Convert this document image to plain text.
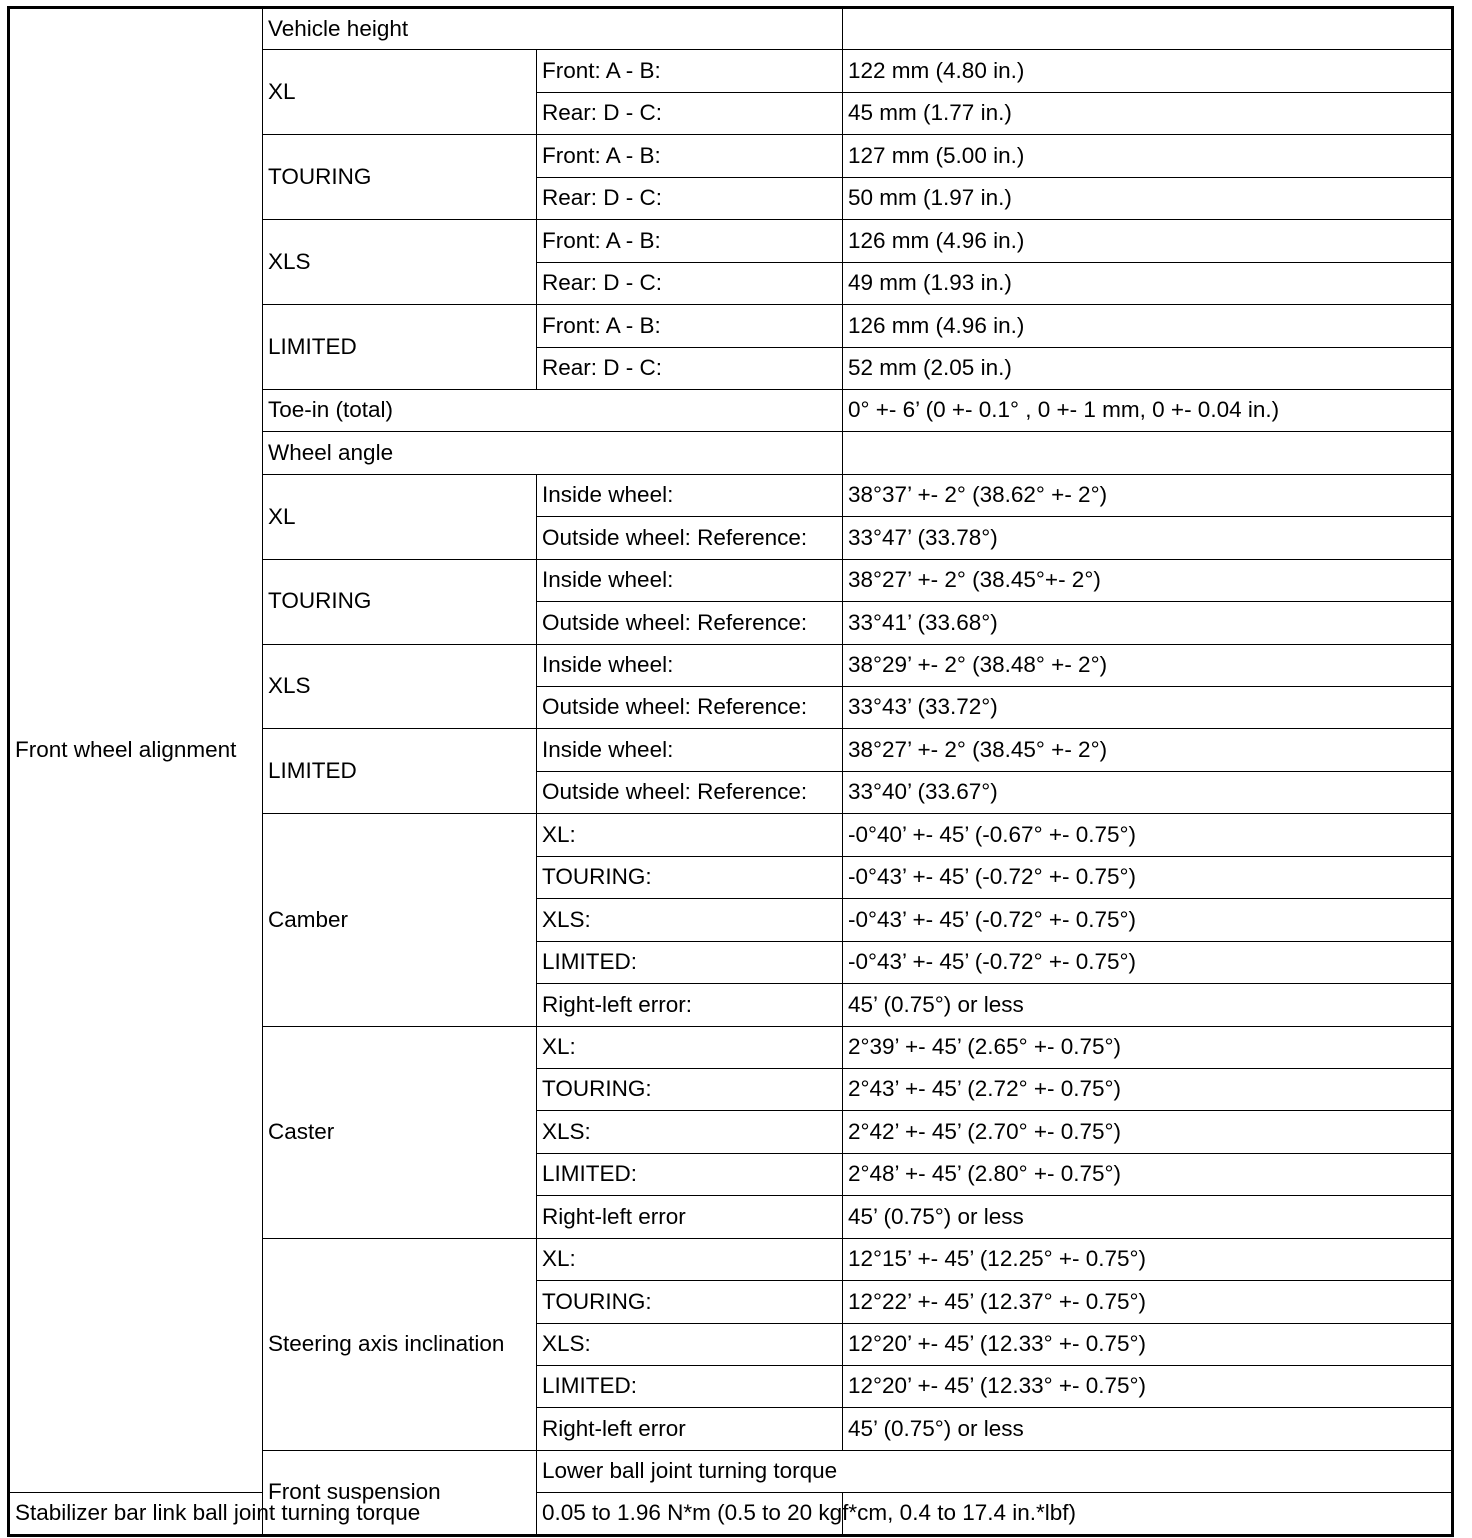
Front wheel alignment	Vehicle height			
	XL	Front: A - B:	122 mm (4.80 in.)	
		Rear: D - C:	45 mm (1.77 in.)	
	TOURING	Front: A - B:	127 mm (5.00 in.)	
		Rear: D - C:	50 mm (1.97 in.)	
	XLS	Front: A - B:	126 mm (4.96 in.)	
		Rear: D - C:	49 mm (1.93 in.)	
	LIMITED	Front: A - B:	126 mm (4.96 in.)	
		Rear: D - C:	52 mm (2.05 in.)	
	Toe-in (total)		0° +- 6’ (0 +- 0.1° , 0 +- 1 mm, 0 +- 0.04 in.)	
	Wheel angle			
	XL	Inside wheel:	38°37’ +- 2° (38.62° +- 2°)	
		Outside wheel: Reference:	33°47’ (33.78°)	
	TOURING	Inside wheel:	38°27’ +- 2° (38.45°+- 2°)	
		Outside wheel: Reference:	33°41’ (33.68°)	
	XLS	Inside wheel:	38°29’ +- 2° (38.48° +- 2°)	
		Outside wheel: Reference:	33°43’ (33.72°)	
	LIMITED	Inside wheel:	38°27’ +- 2° (38.45° +- 2°)	
		Outside wheel: Reference:	33°40’ (33.67°)	
	Camber	XL:	-0°40’ +- 45’ (-0.67° +- 0.75°)	
		TOURING:	-0°43’ +- 45’ (-0.72° +- 0.75°)	
		XLS:	-0°43’ +- 45’ (-0.72° +- 0.75°)	
		LIMITED:	-0°43’ +- 45’ (-0.72° +- 0.75°)	
		Right-left error:	45’ (0.75°) or less	
	Caster	XL:	2°39’ +- 45’ (2.65° +- 0.75°)	
		TOURING:	2°43’ +- 45’ (2.72° +- 0.75°)	
		XLS:	2°42’ +- 45’ (2.70° +- 0.75°)	
		LIMITED:	2°48’ +- 45’ (2.80° +- 0.75°)	
		Right-left error	45’ (0.75°) or less	
	Steering axis inclination	XL:	12°15’ +- 45’ (12.25° +- 0.75°)	
		TOURING:	12°22’ +- 45’ (12.37° +- 0.75°)	
		XLS:	12°20’ +- 45’ (12.33° +- 0.75°)	
		LIMITED:	12°20’ +- 45’ (12.33° +- 0.75°)	
		Right-left error	45’ (0.75°) or less	
	Front suspension	Lower ball joint turning torque	
Stabilizer bar link ball joint turning torque		0.05 to 1.96 N*m (0.5 to 20 kgf*cm, 0.4 to 17.4 in.*lbf)		
